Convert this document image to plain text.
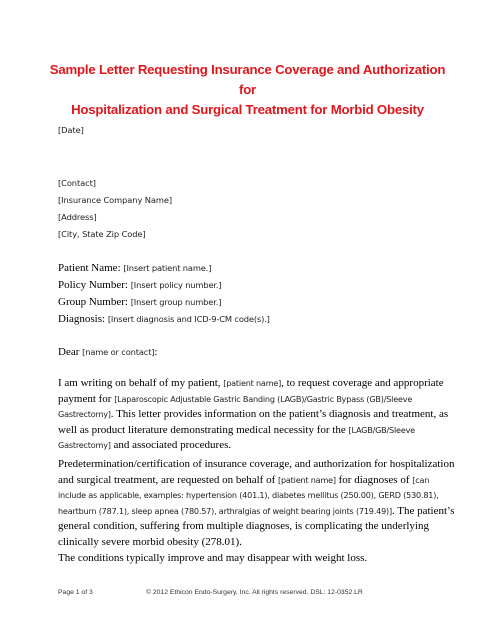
Sample Letter Requesting Insurance Coverage and Authorization for
Hospitalization and Surgical Treatment for Morbid Obesity
[Date]
[Contact]
[Insurance Company Name]
[Address]
[City, State Zip Code]
Patient Name: [Insert patient name.]
Policy Number: [Insert policy number.]
Group Number: [Insert group number.]
Diagnosis: [Insert diagnosis and ICD-9-CM code(s).]
Dear [name or contact]:
I am writing on behalf of my patient, [patient name], to request coverage and appropriate payment for [Laparoscopic Adjustable Gastric Banding (LAGB)/Gastric Bypass (GB)/Sleeve Gastrectomy]. This letter provides information on the patient’s diagnosis and treatment, as well as product literature demonstrating medical necessity for the [LAGB/GB/Sleeve Gastrectomy] and associated procedures.
Predetermination/certification of insurance coverage, and authorization for hospitalization and surgical treatment, are requested on behalf of [patient name] for diagnoses of [can include as applicable, examples: hypertension (401.1), diabetes mellitus (250.00), GERD (530.81), heartburn (787.1), sleep apnea (780.57), arthralgias of weight bearing joints (719.49)]. The patient’s general condition, suffering from multiple diagnoses, is complicating the underlying clinically severe morbid obesity (278.01).
The conditions typically improve and may disappear with weight loss.
Page 1 of 3	© 2012 Ethicon Endo-Surgery, Inc. All rights reserved. DSL: 12-0352.LR
